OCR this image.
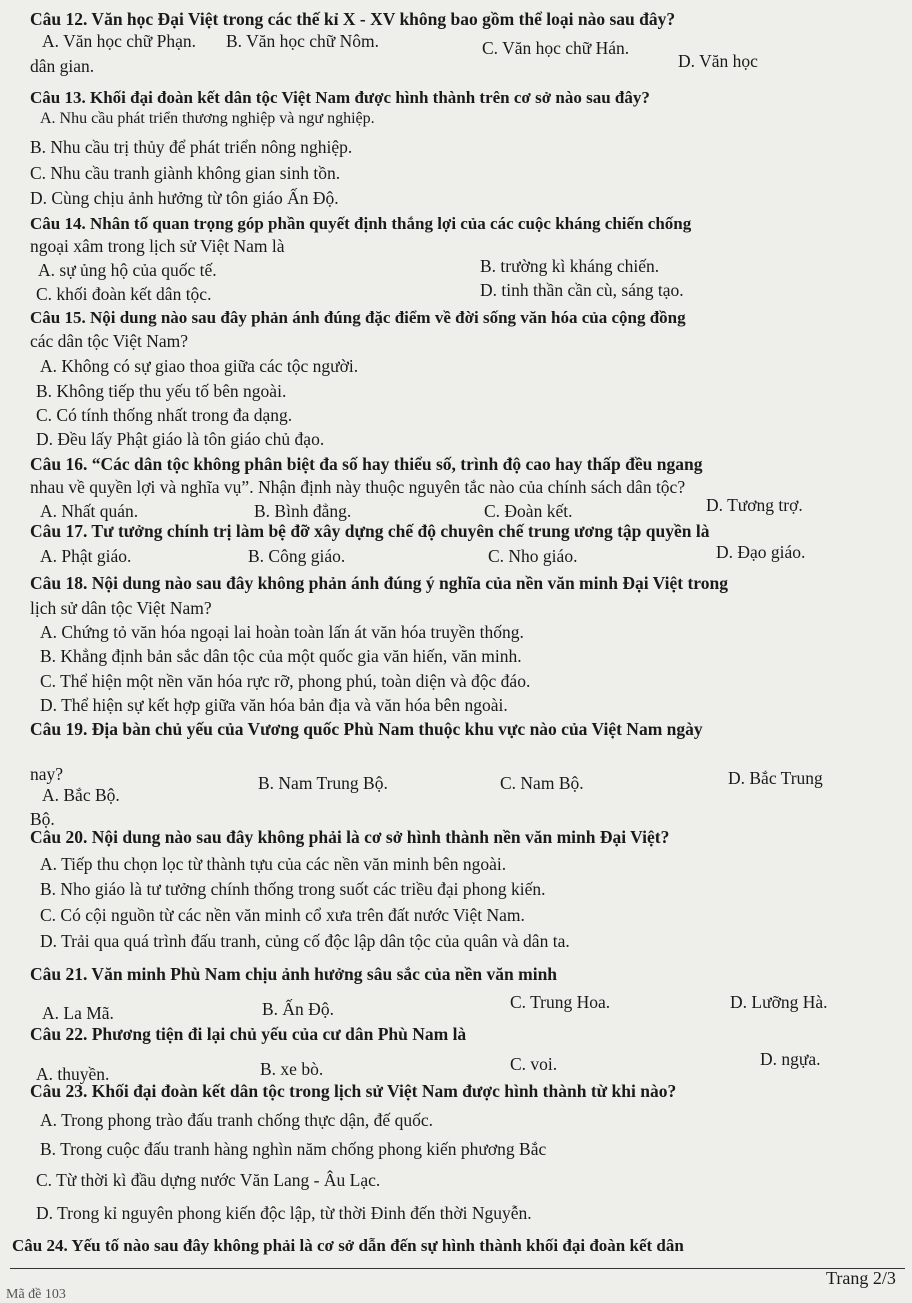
Câu 12. Văn học Đại Việt trong các thế kỉ X - XV không bao gồm thể loại nào sau đây?
A. Văn học chữ Phạn. B. Văn học chữ Nôm.	C. Văn học chữ Hán.
D. Văn học
dân gian.
Câu 13. Khối đại đoàn kết dân tộc Việt Nam được hình thành trên cơ sở nào sau đây?
A. Nhu cầu phát triển thương nghiệp và ngư nghiệp.
B. Nhu cầu trị thủy để phát triển nông nghiệp.
C. Nhu cầu tranh giành không gian sinh tồn.
D. Cùng chịu ảnh hưởng từ tôn giáo Ấn Độ.
Câu 14. Nhân tố quan trọng góp phần quyết định thắng lợi của các cuộc kháng chiến chống
ngoại xâm trong lịch sử Việt Nam là
A. sự ủng hộ của quốc tế.	B. trường kì kháng chiến.
C. khối đoàn kết dân tộc.	D. tinh thần cần cù, sáng tạo.
Câu 15. Nội dung nào sau đây phản ánh đúng đặc điểm về đời sống văn hóa của cộng đồng
các dân tộc Việt Nam?
A. Không có sự giao thoa giữa các tộc người.
B. Không tiếp thu yếu tố bên ngoài.
C. Có tính thống nhất trong đa dạng.
D. Đều lấy Phật giáo là tôn giáo chủ đạo.
Câu 16. “Các dân tộc không phân biệt đa số hay thiểu số, trình độ cao hay thấp đều ngang
nhau về quyền lợi và nghĩa vụ”. Nhận định này thuộc nguyên tắc nào của chính sách dân tộc?
A. Nhất quán.	B. Bình đẳng.	C. Đoàn kết.	D. Tương trợ.
Câu 17. Tư tưởng chính trị làm bệ đỡ xây dựng chế độ chuyên chế trung ương tập quyền là
A. Phật giáo.	B. Công giáo.	C. Nho giáo.	D. Đạo giáo.
Câu 18. Nội dung nào sau đây không phản ánh đúng ý nghĩa của nền văn minh Đại Việt trong
lịch sử dân tộc Việt Nam?
A. Chứng tỏ văn hóa ngoại lai hoàn toàn lấn át văn hóa truyền thống.
B. Khẳng định bản sắc dân tộc của một quốc gia văn hiến, văn minh.
C. Thể hiện một nền văn hóa rực rỡ, phong phú, toàn diện và độc đáo.
D. Thể hiện sự kết hợp giữa văn hóa bản địa và văn hóa bên ngoài.
Câu 19. Địa bàn chủ yếu của Vương quốc Phù Nam thuộc khu vực nào của Việt Nam ngày
nay?
A. Bắc Bộ.
B. Nam Trung Bộ.	C. Nam Bộ.	D. Bắc Trung
Bộ.
Câu 20. Nội dung nào sau đây không phải là cơ sở hình thành nền văn minh Đại Việt?
A. Tiếp thu chọn lọc từ thành tựu của các nền văn minh bên ngoài.
B. Nho giáo là tư tưởng chính thống trong suốt các triều đại phong kiến.
C. Có cội nguồn từ các nền văn minh cổ xưa trên đất nước Việt Nam.
D. Trải qua quá trình đấu tranh, củng cố độc lập dân tộc của quân và dân ta.
Câu 21. Văn minh Phù Nam chịu ảnh hưởng sâu sắc của nền văn minh
A. La Mã.	B. Ấn Độ.	C. Trung Hoa.	D. Lưỡng Hà.
Câu 22. Phương tiện đi lại chủ yếu của cư dân Phù Nam là
A. thuyền.	B. xe bò.	C. voi.	D. ngựa.
Câu 23. Khối đại đoàn kết dân tộc trong lịch sử Việt Nam được hình thành từ khi nào?
A. Trong phong trào đấu tranh chống thực dận, đế quốc.
B. Trong cuộc đấu tranh hàng nghìn năm chống phong kiến phương Bắc
C. Từ thời kì đầu dựng nước Văn Lang - Âu Lạc.
D. Trong kỉ nguyên phong kiến độc lập, từ thời Đinh đến thời Nguyễn.
Câu 24. Yếu tố nào sau đây không phải là cơ sở dẫn đến sự hình thành khối đại đoàn kết dân
Mã đề 103
Trang 2/3
